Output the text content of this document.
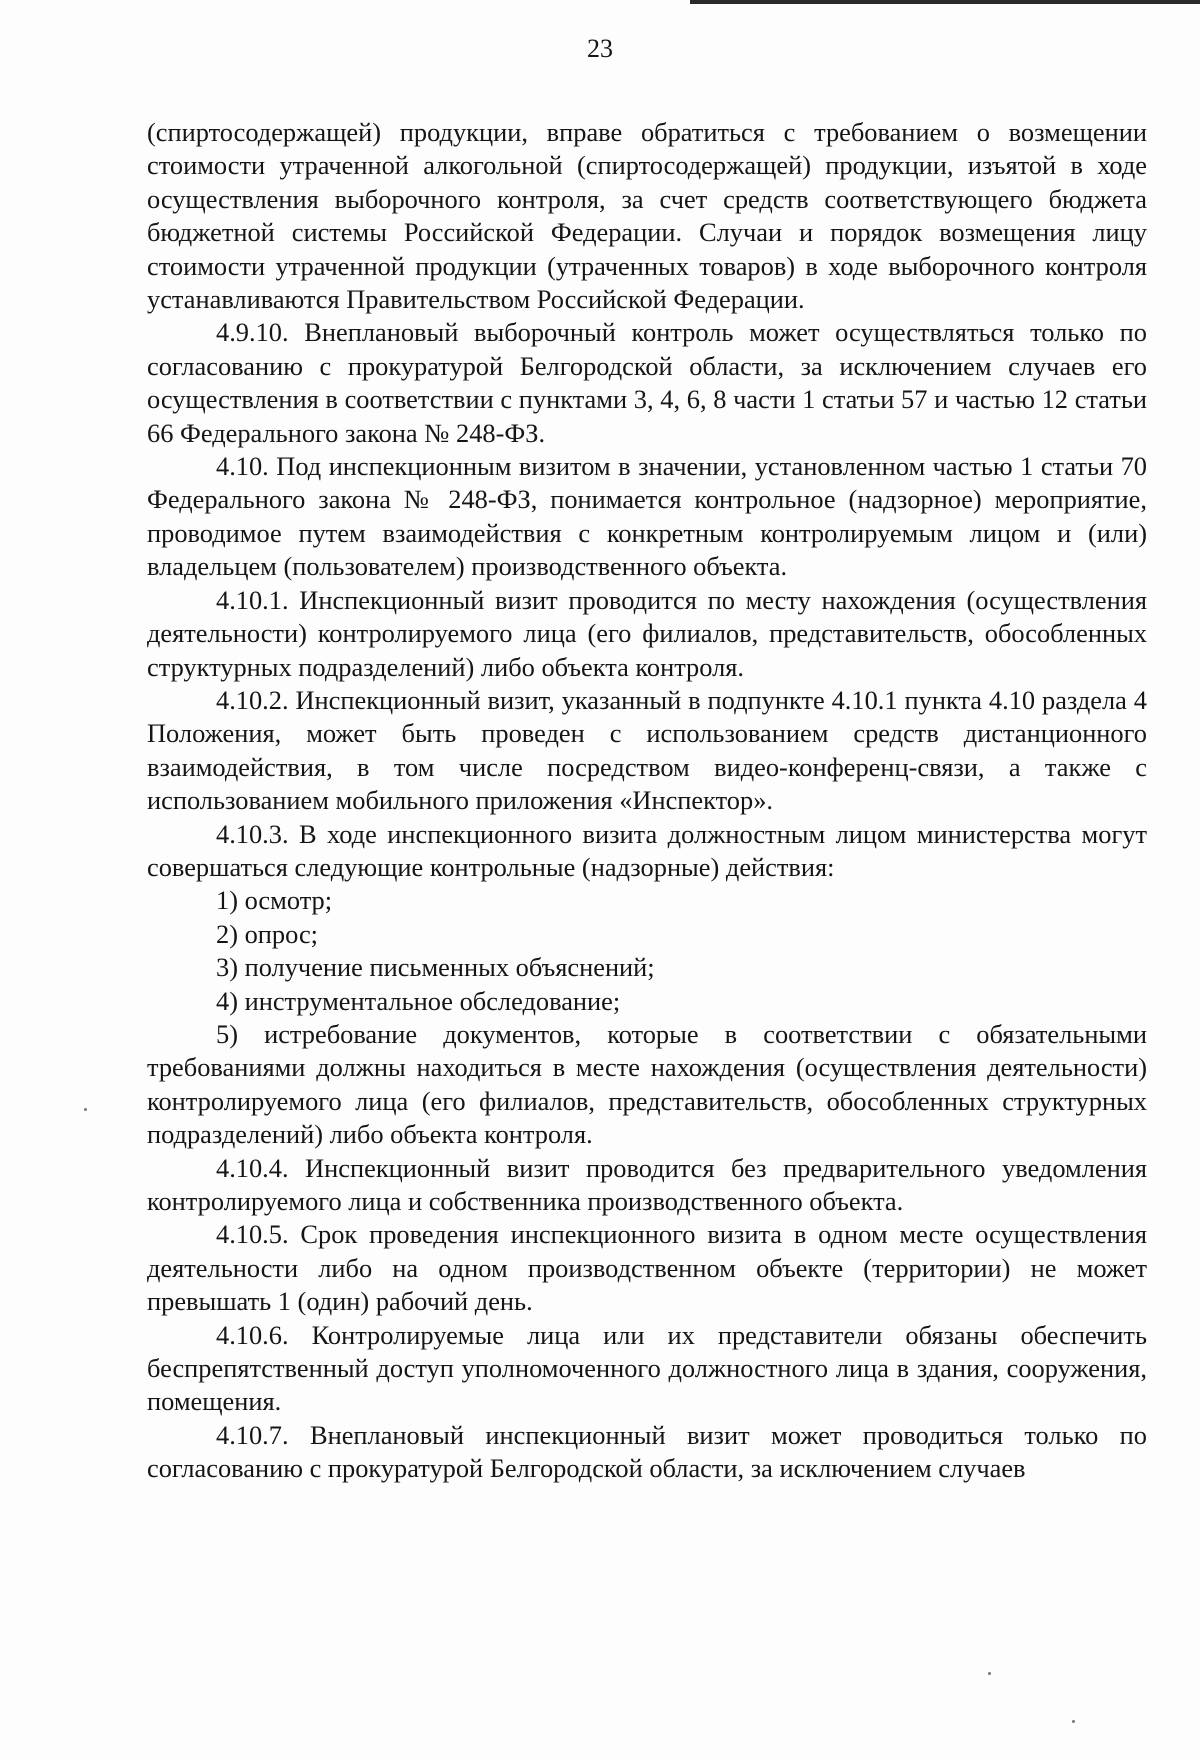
23

(спиртосодержащей) продукции, вправе обратиться с требованием о возмещении стоимости утраченной алкогольной (спиртосодержащей) продукции, изъятой в ходе осуществления выборочного контроля, за счет средств соответствующего бюджета бюджетной системы Российской Федерации. Случаи и порядок возмещения лицу стоимости утраченной продукции (утраченных товаров) в ходе выборочного контроля устанавливаются Правительством Российской Федерации.

4.9.10. Внеплановый выборочный контроль может осуществляться только по согласованию с прокуратурой Белгородской области, за исключением случаев его осуществления в соответствии с пунктами 3, 4, 6, 8 части 1 статьи 57 и частью 12 статьи 66 Федерального закона № 248-ФЗ.

4.10. Под инспекционным визитом в значении, установленном частью 1 статьи 70 Федерального закона № 248-ФЗ, понимается контрольное (надзорное) мероприятие, проводимое путем взаимодействия с конкретным контролируемым лицом и (или) владельцем (пользователем) производственного объекта.

4.10.1. Инспекционный визит проводится по месту нахождения (осуществления деятельности) контролируемого лица (его филиалов, представительств, обособленных структурных подразделений) либо объекта контроля.

4.10.2. Инспекционный визит, указанный в подпункте 4.10.1 пункта 4.10 раздела 4 Положения, может быть проведен с использованием средств дистанционного взаимодействия, в том числе посредством видео-конференц-связи, а также с использованием мобильного приложения «Инспектор».

4.10.3. В ходе инспекционного визита должностным лицом министерства могут совершаться следующие контрольные (надзорные) действия:

1) осмотр;

2) опрос;

3) получение письменных объяснений;

4) инструментальное обследование;

5) истребование документов, которые в соответствии с обязательными требованиями должны находиться в месте нахождения (осуществления деятельности) контролируемого лица (его филиалов, представительств, обособленных структурных подразделений) либо объекта контроля.

4.10.4. Инспекционный визит проводится без предварительного уведомления контролируемого лица и собственника производственного объекта.

4.10.5. Срок проведения инспекционного визита в одном месте осуществления деятельности либо на одном производственном объекте (территории) не может превышать 1 (один) рабочий день.

4.10.6. Контролируемые лица или их представители обязаны обеспечить беспрепятственный доступ уполномоченного должностного лица в здания, сооружения, помещения.

4.10.7. Внеплановый инспекционный визит может проводиться только по согласованию с прокуратурой Белгородской области, за исключением случаев
